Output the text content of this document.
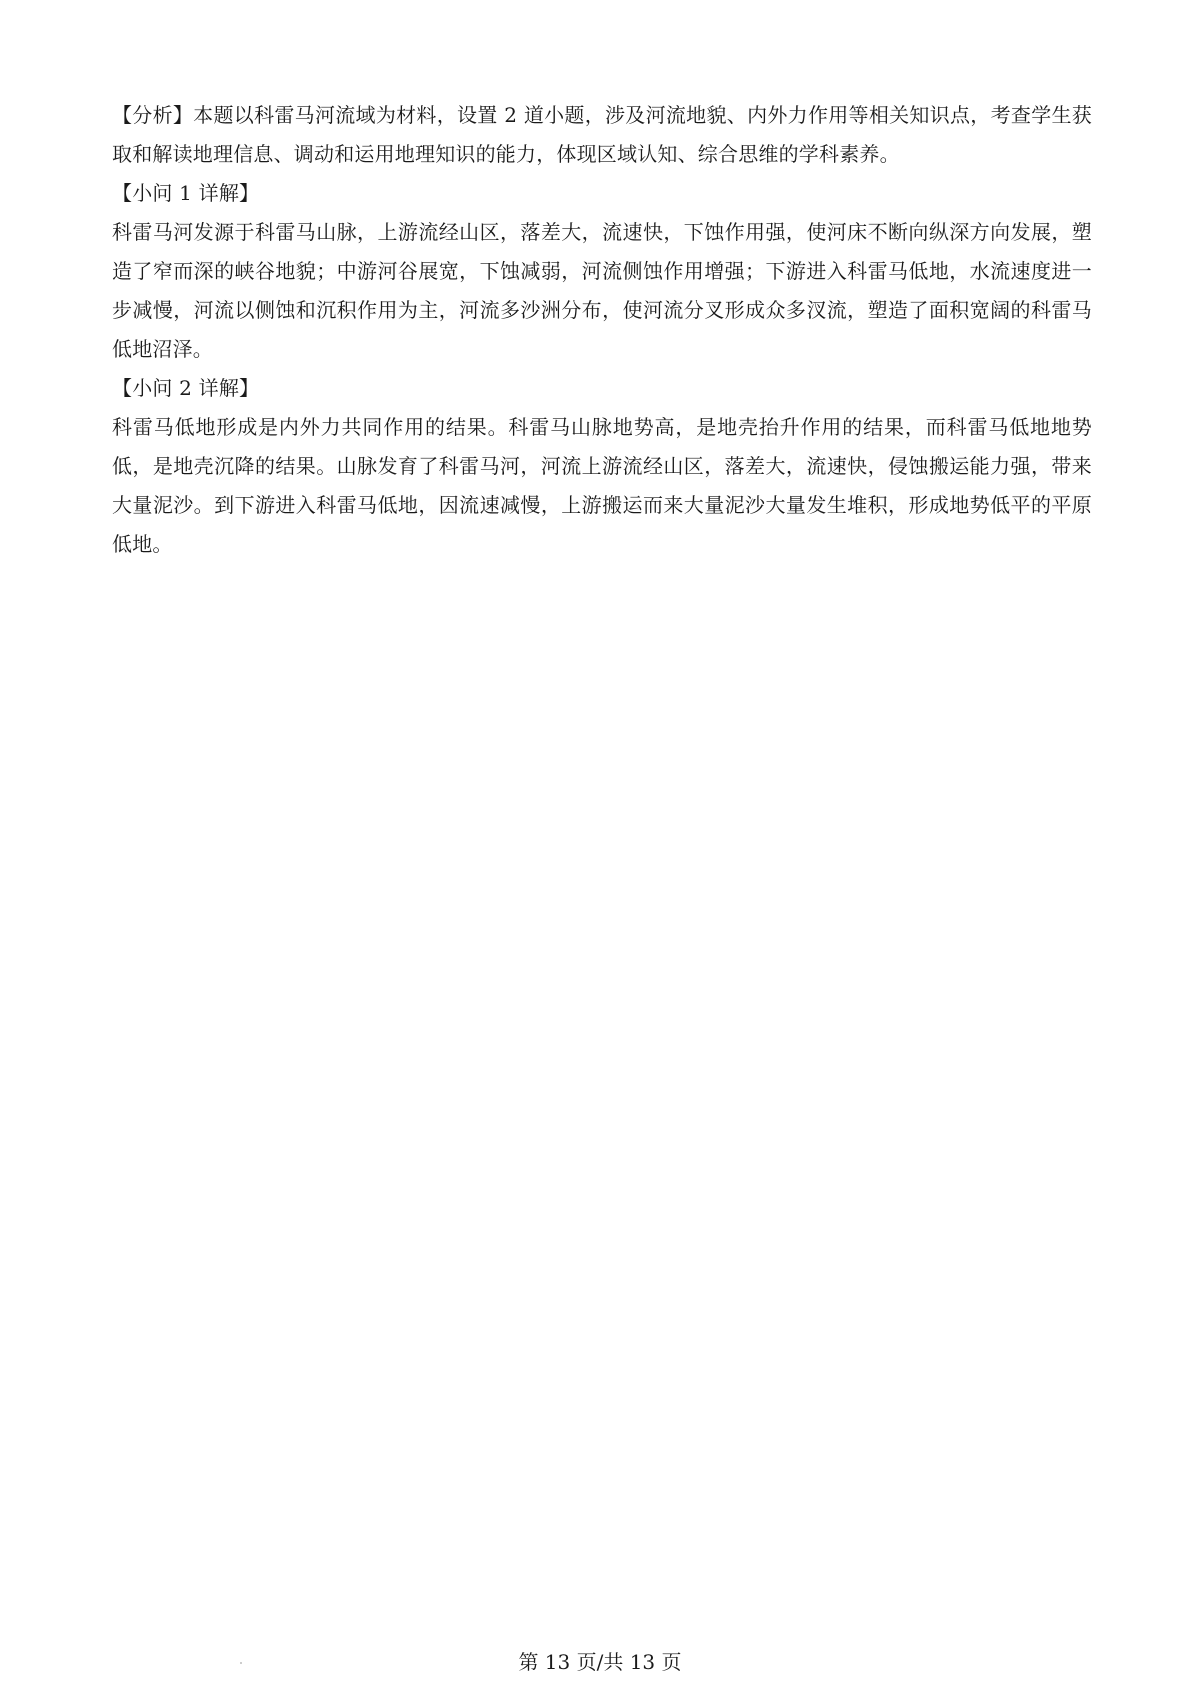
【分析】本题以科雷马河流域为材料，设置 2 道小题，涉及河流地貌、内外力作用等相关知识点，考查学生获取和解读地理信息、调动和运用地理知识的能力，体现区域认知、综合思维的学科素养。

【小问 1 详解】

科雷马河发源于科雷马山脉，上游流经山区，落差大，流速快，下蚀作用强，使河床不断向纵深方向发展，塑造了窄而深的峡谷地貌；中游河谷展宽，下蚀减弱，河流侧蚀作用增强；下游进入科雷马低地，水流速度进一步减慢，河流以侧蚀和沉积作用为主，河流多沙洲分布，使河流分叉形成众多汊流，塑造了面积宽阔的科雷马低地沼泽。

【小问 2 详解】

科雷马低地形成是内外力共同作用的结果。科雷马山脉地势高，是地壳抬升作用的结果，而科雷马低地地势低，是地壳沉降的结果。山脉发育了科雷马河，河流上游流经山区，落差大，流速快，侵蚀搬运能力强，带来大量泥沙。到下游进入科雷马低地，因流速减慢，上游搬运而来大量泥沙大量发生堆积，形成地势低平的平原低地。

第 13 页/共 13 页
